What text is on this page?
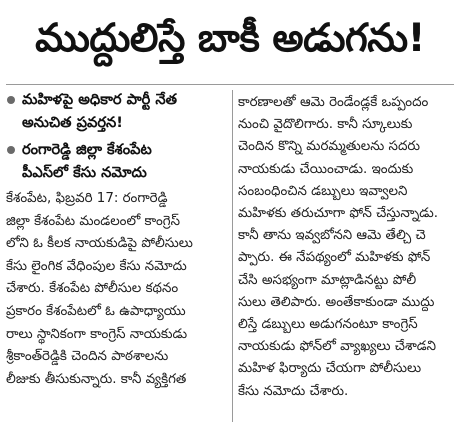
ముద్దులిస్తే బాకీ అడుగను!
మహిళపై అధికార పార్టీ నేత
అనుచిత ప్రవర్తన!
రంగారెడ్డి జిల్లా కేశంపేట
పీఎస్‌లో కేసు నమోదు
కేశంపేట, ఫిబ్రవరి 17: రంగారెడ్డి
జిల్లా కేశంపేట మండలంలో కాంగ్రెస్
లోని ఓ కీలక నాయకుడిపై పోలీసులు
కేసు లైంగిక వేధింపుల కేసు నమోదు
చేశారు. కేశంపేట పోలీసుల కథనం
ప్రకారం కేశంపేటలో ఓ ఉపాధ్యాయు
రాలు స్థానికంగా కాంగ్రెస్ నాయకుడు
శ్రీకాంత్‌రెడ్డికి చెందిన పాఠశాలను
లీజుకు తీసుకున్నారు. కానీ వ్యక్తిగత
కారణాలతో ఆమె రెండేండ్లకే ఒప్పందం
నుంచి వైదొలిగారు. కానీ స్కూలుకు
చెందిన కొన్ని మరమ్మతులను సదరు
నాయకుడు చేయించాడు. ఇందుకు
సంబంధించిన డబ్బులు ఇవ్వాలని
మహిళకు తరుచూగా ఫోన్ చేస్తున్నాడు.
కానీ తాను ఇవ్వబోనని ఆమె తేల్చి చె
ప్పారు. ఈ నేపథ్యంలో మహిళకు ఫోన్
చేసి అసభ్యంగా మాట్లాడినట్టు పోలీ
సులు తెలిపారు. అంతేకాకుండా ముద్దు
లిస్తే డబ్బులు అడుగనంటూ కాంగ్రెస్
నాయకుడు ఫోన్‌లో వ్యాఖ్యలు చేశాడని
మహిళ ఫిర్యాదు చేయగా పోలీసులు
కేసు నమోదు చేశారు.
